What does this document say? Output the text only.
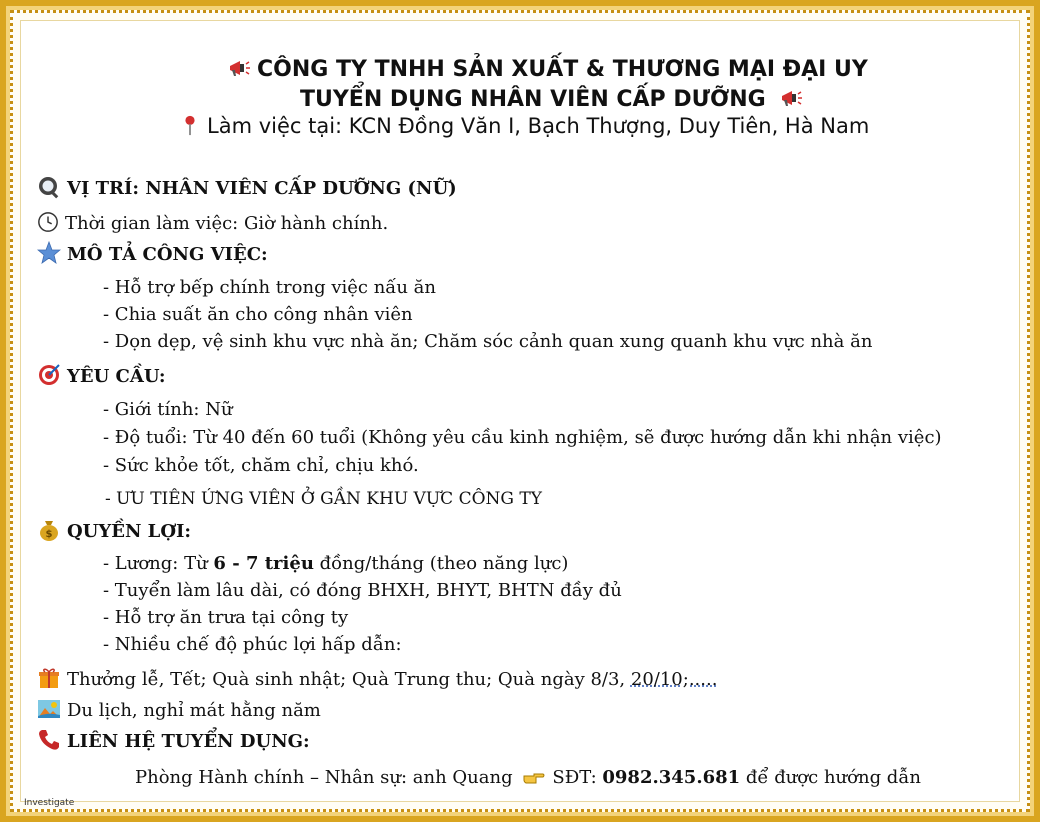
CÔNG TY TNHH SẢN XUẤT & THƯƠNG MẠI ĐẠI UY
TUYỂN DỤNG NHÂN VIÊN CẤP DƯỠNG
Làm việc tại: KCN Đồng Văn I, Bạch Thượng, Duy Tiên, Hà Nam
VỊ TRÍ: NHÂN VIÊN CẤP DƯỠNG (NỮ)
Thời gian làm việc: Giờ hành chính.
MÔ TẢ CÔNG VIỆC:
- Hỗ trợ bếp chính trong việc nấu ăn
- Chia suất ăn cho công nhân viên
- Dọn dẹp, vệ sinh khu vực nhà ăn; Chăm sóc cảnh quan xung quanh khu vực nhà ăn
YÊU CẦU:
- Giới tính: Nữ
- Độ tuổi: Từ 40 đến 60 tuổi (Không yêu cầu kinh nghiệm, sẽ được hướng dẫn khi nhận việc)
- Sức khỏe tốt, chăm chỉ, chịu khó.
- ƯU TIÊN ỨNG VIÊN Ở GẦN KHU VỰC CÔNG TY
$ QUYỀN LỢI:
- Lương: Từ 6 - 7 triệu đồng/tháng (theo năng lực)
- Tuyển làm lâu dài, có đóng BHXH, BHYT, BHTN đầy đủ
- Hỗ trợ ăn trưa tại công ty
- Nhiều chế độ phúc lợi hấp dẫn:
Thưởng lễ, Tết; Quà sinh nhật; Quà Trung thu; Quà ngày 8/3, 20/10;.....
Du lịch, nghỉ mát hằng năm
LIÊN HỆ TUYỂN DỤNG:
Phòng Hành chính – Nhân sự: anh Quang SĐT: 0982.345.681 để được hướng dẫn
Investigate
